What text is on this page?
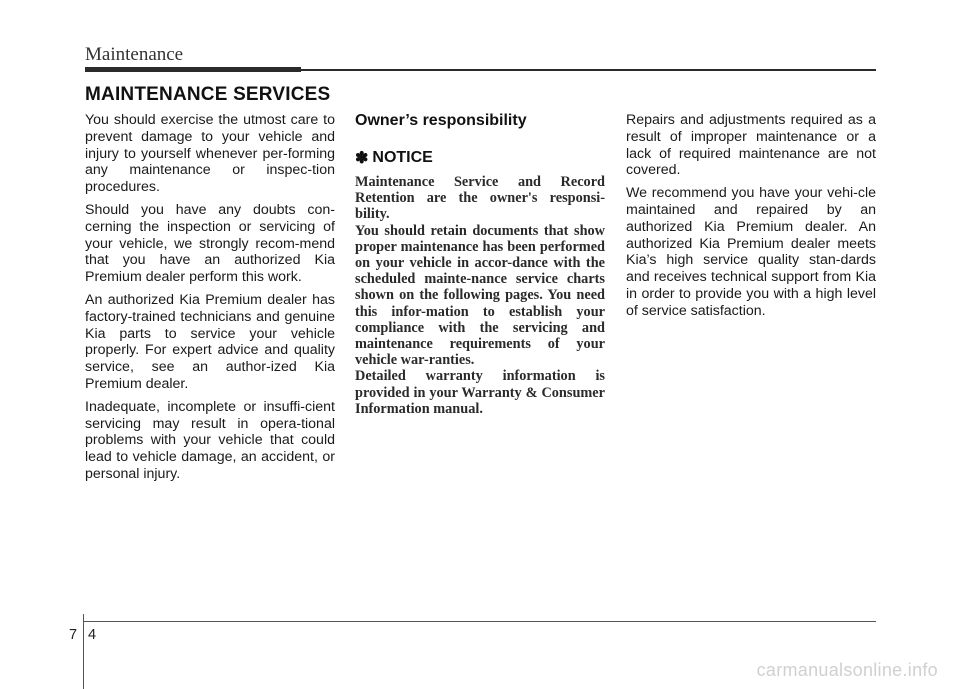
Maintenance
MAINTENANCE SERVICES

You should exercise the utmost care to prevent damage to your vehicle and injury to yourself whenever per-forming any maintenance or inspec-tion procedures.

Should you have any doubts con-cerning the inspection or servicing of your vehicle, we strongly recom-mend that you have an authorized Kia Premium dealer perform this work.

An authorized Kia Premium dealer has factory-trained technicians and genuine Kia parts to service your vehicle properly. For expert advice and quality service, see an author-ized Kia Premium dealer.

Inadequate, incomplete or insuffi-cient servicing may result in opera-tional problems with your vehicle that could lead to vehicle damage, an accident, or personal injury.

Owner’s responsibility
✽ NOTICE

Maintenance Service and Record Retention are the owner's responsi-bility.

You should retain documents that show proper maintenance has been performed on your vehicle in accor-dance with the scheduled mainte-nance service charts shown on the following pages. You need this infor-mation to establish your compliance with the servicing and maintenance requirements of your vehicle war-ranties.

Detailed warranty information is provided in your Warranty & Consumer Information manual.

Repairs and adjustments required as a result of improper maintenance or a lack of required maintenance are not covered.

We recommend you have your vehi-cle maintained and repaired by an authorized Kia Premium dealer. An authorized Kia Premium dealer meets Kia’s high service quality stan-dards and receives technical support from Kia in order to provide you with a high level of service satisfaction.

7 4
carmanualsonline.info
